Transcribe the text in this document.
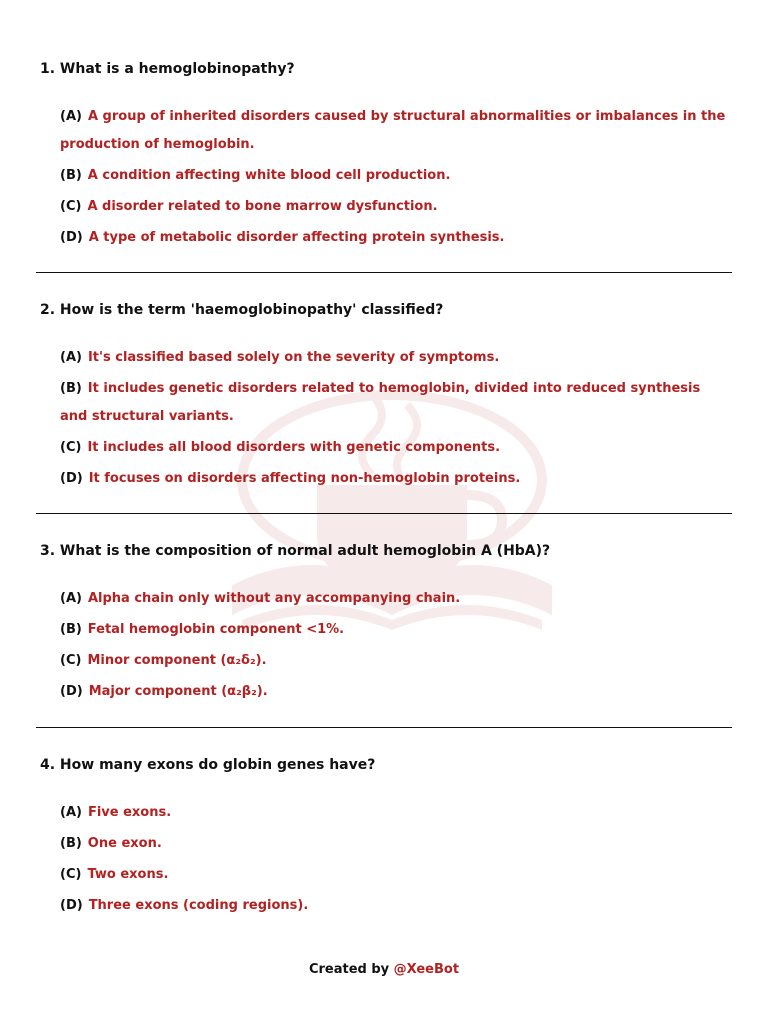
1. What is a hemoglobinopathy?

(A) A group of inherited disorders caused by structural abnormalities or imbalances in the production of hemoglobin.
(B) A condition affecting white blood cell production.
(C) A disorder related to bone marrow dysfunction.
(D) A type of metabolic disorder affecting protein synthesis.

2. How is the term 'haemoglobinopathy' classified?

(A) It's classified based solely on the severity of symptoms.
(B) It includes genetic disorders related to hemoglobin, divided into reduced synthesis and structural variants.
(C) It includes all blood disorders with genetic components.
(D) It focuses on disorders affecting non-hemoglobin proteins.

3. What is the composition of normal adult hemoglobin A (HbA)?

(A) Alpha chain only without any accompanying chain.
(B) Fetal hemoglobin component <1%.
(C) Minor component (α₂δ₂).
(D) Major component (α₂β₂).

4. How many exons do globin genes have?

(A) Five exons.
(B) One exon.
(C) Two exons.
(D) Three exons (coding regions).
Created by @XeeBot
